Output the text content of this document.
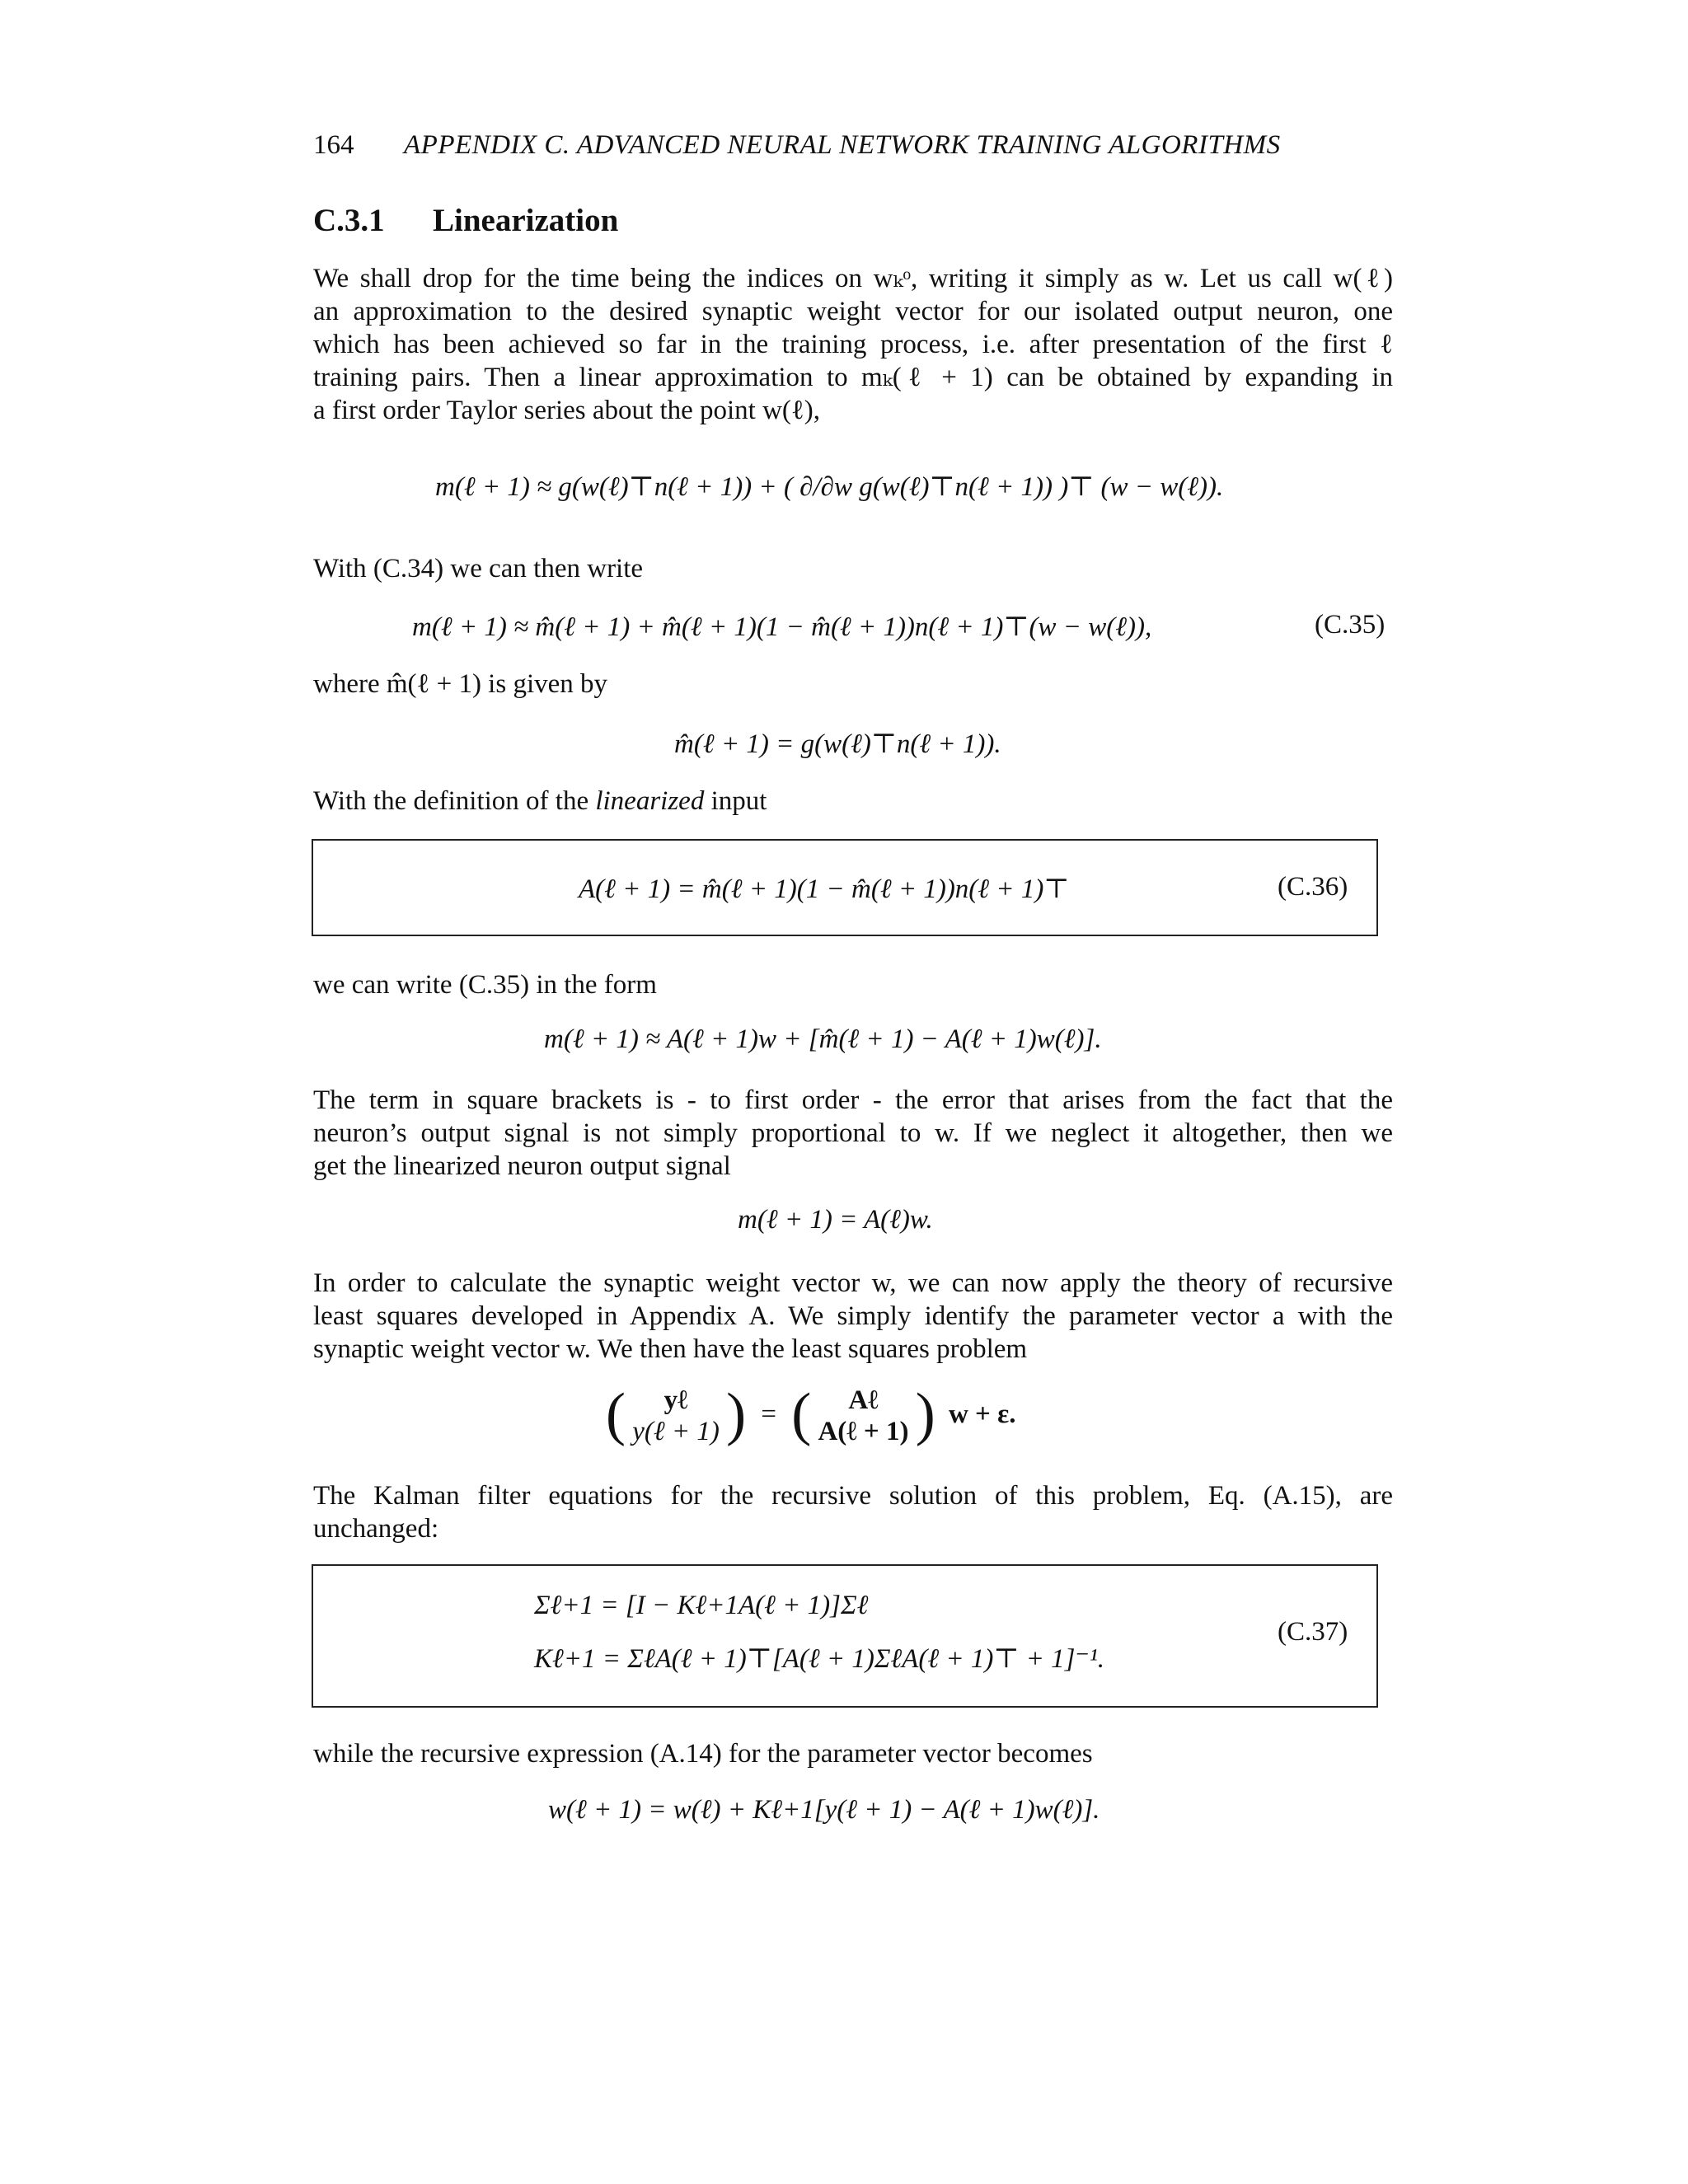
164 APPENDIX C. ADVANCED NEURAL NETWORK TRAINING ALGORITHMS
C.3.1 Linearization
We shall drop for the time being the indices on wₖᵒ, writing it simply as w. Let us call w(ℓ)
an approximation to the desired synaptic weight vector for our isolated output neuron, one
which has been achieved so far in the training process, i.e. after presentation of the first ℓ
training pairs. Then a linear approximation to mₖ(ℓ + 1) can be obtained by expanding in
a first order Taylor series about the point w(ℓ),
m(ℓ + 1) ≈ g(w(ℓ)⊤n(ℓ + 1)) + ( ∂/∂w g(w(ℓ)⊤n(ℓ + 1)) )⊤ (w − w(ℓ)).
With (C.34) we can then write
m(ℓ + 1) ≈ m̂(ℓ + 1) + m̂(ℓ + 1)(1 − m̂(ℓ + 1))n(ℓ + 1)⊤(w − w(ℓ)),	(C.35)
where m̂(ℓ + 1) is given by
m̂(ℓ + 1) = g(w(ℓ)⊤n(ℓ + 1)).
With the definition of the linearized input
A(ℓ + 1) = m̂(ℓ + 1)(1 − m̂(ℓ + 1))n(ℓ + 1)⊤	(C.36)
we can write (C.35) in the form
m(ℓ + 1) ≈ A(ℓ + 1)w + [m̂(ℓ + 1) − A(ℓ + 1)w(ℓ)].
The term in square brackets is - to first order - the error that arises from the fact that the
neuron’s output signal is not simply proportional to w. If we neglect it altogether, then we
get the linearized neuron output signal
m(ℓ + 1) = A(ℓ)w.
In order to calculate the synaptic weight vector w, we can now apply the theory of recursive
least squares developed in Appendix A. We simply identify the parameter vector a with the
synaptic weight vector w. We then have the least squares problem
(	yℓ
y(ℓ + 1) ) = (	Aℓ
A(ℓ + 1) ) w + ε.
The Kalman filter equations for the recursive solution of this problem, Eq. (A.15), are
unchanged:
Σℓ+1 = [I − Kℓ+1A(ℓ + 1)]Σℓ
Kℓ+1 = ΣℓA(ℓ + 1)⊤[A(ℓ + 1)ΣℓA(ℓ + 1)⊤ + 1]⁻¹.
(C.37)
while the recursive expression (A.14) for the parameter vector becomes
w(ℓ + 1) = w(ℓ) + Kℓ+1[y(ℓ + 1) − A(ℓ + 1)w(ℓ)].
